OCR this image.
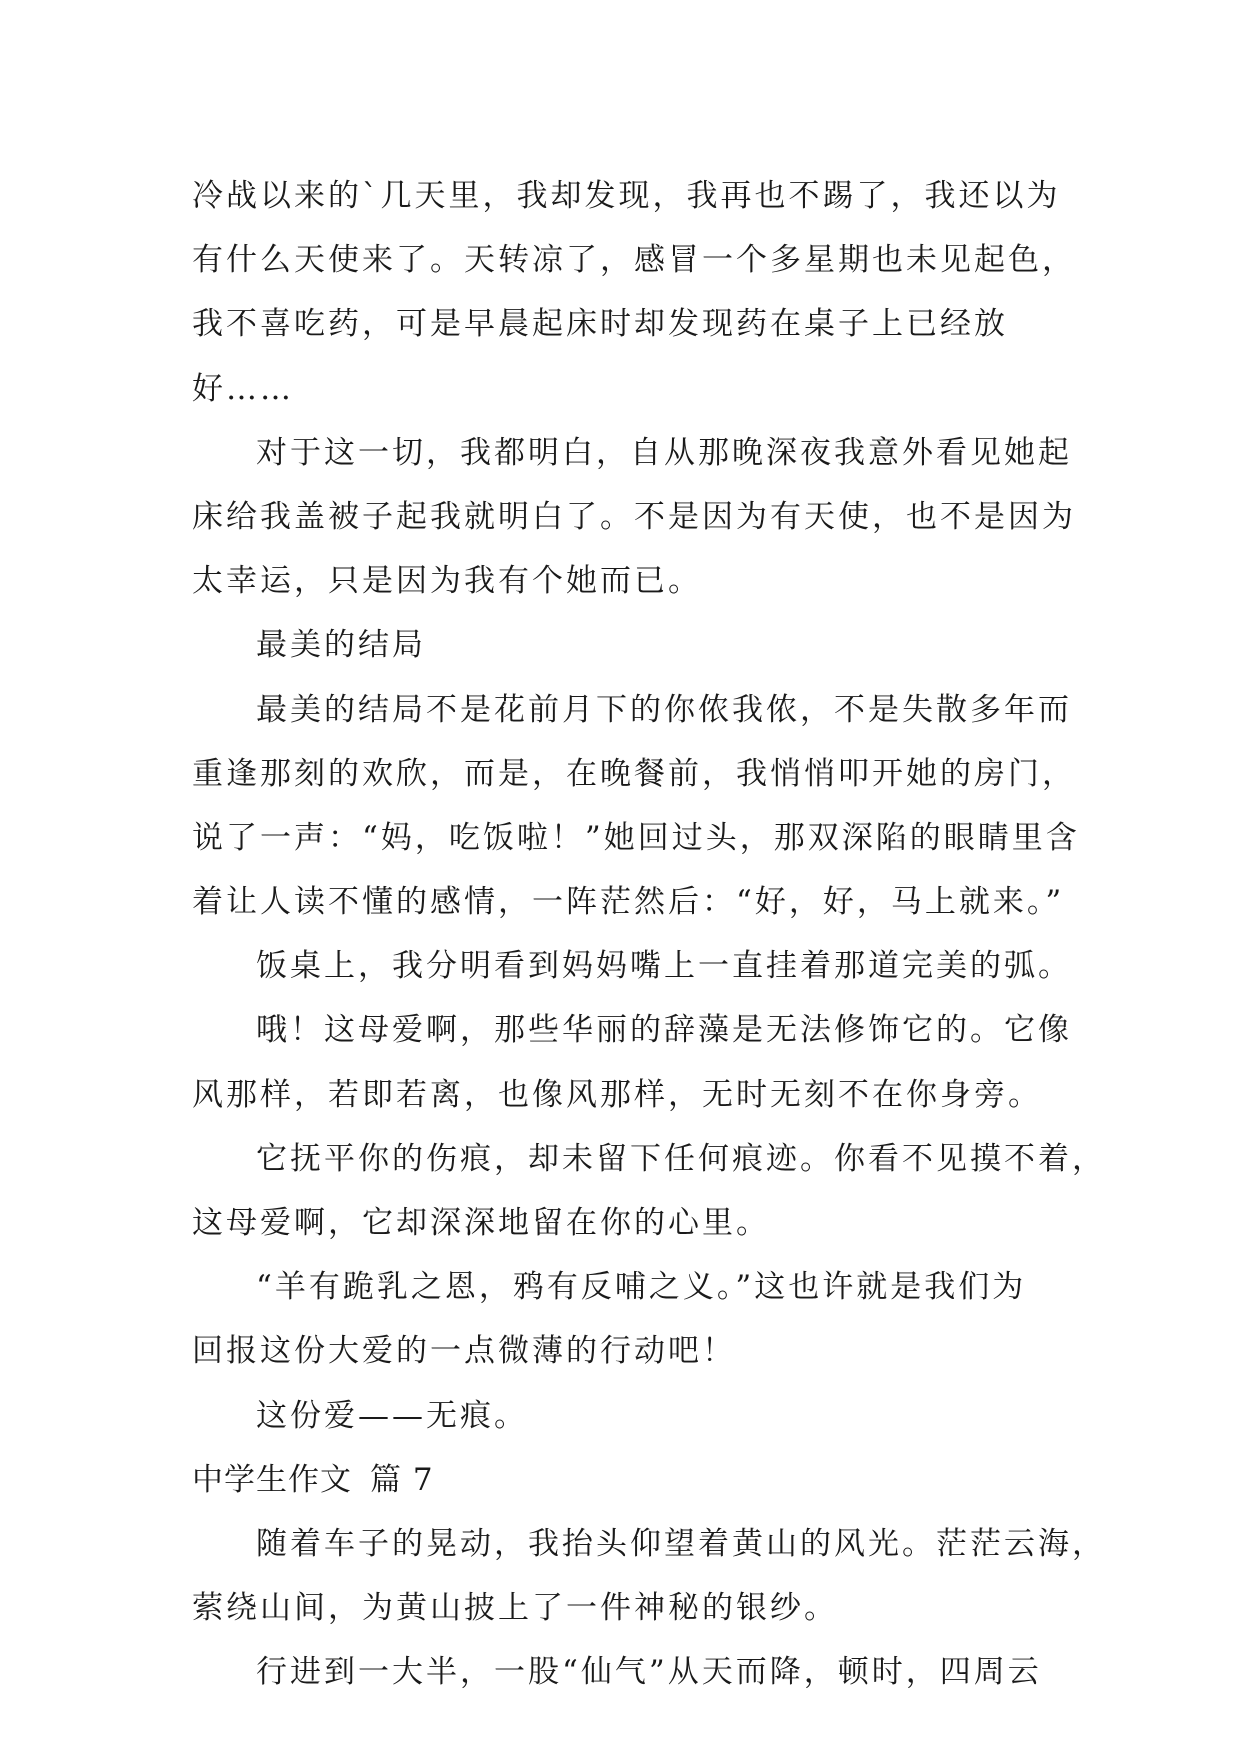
冷战以来的`几天里，我却发现，我再也不踢了，我还以为
有什么天使来了。天转凉了，感冒一个多星期也未见起色，
我不喜吃药，可是早晨起床时却发现药在桌子上已经放
好……
对于这一切，我都明白，自从那晚深夜我意外看见她起
床给我盖被子起我就明白了。不是因为有天使，也不是因为
太幸运，只是因为我有个她而已。
最美的结局
最美的结局不是花前月下的你侬我侬，不是失散多年而
重逢那刻的欢欣，而是，在晚餐前，我悄悄叩开她的房门，
说了一声：“妈，吃饭啦！”她回过头，那双深陷的眼睛里含
着让人读不懂的感情，一阵茫然后：“好，好，马上就来。”
饭桌上，我分明看到妈妈嘴上一直挂着那道完美的弧。
哦！这母爱啊，那些华丽的辞藻是无法修饰它的。它像
风那样，若即若离，也像风那样，无时无刻不在你身旁。
它抚平你的伤痕，却未留下任何痕迹。你看不见摸不着，
这母爱啊，它却深深地留在你的心里。
“羊有跪乳之恩，鸦有反哺之义。”这也许就是我们为
回报这份大爱的一点微薄的行动吧！
这份爱——无痕。
中学生作文 篇 7
随着车子的晃动，我抬头仰望着黄山的风光。茫茫云海，
萦绕山间，为黄山披上了一件神秘的银纱。
行进到一大半，一股“仙气”从天而降，顿时，四周云
